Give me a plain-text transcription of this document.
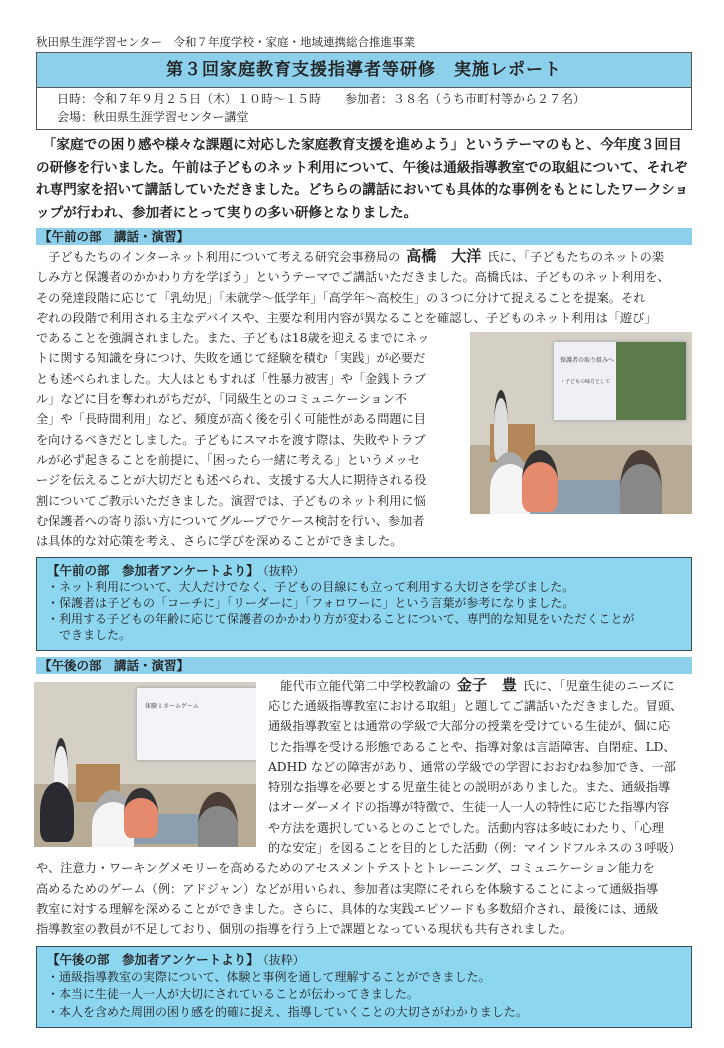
秋田県生涯学習センター　令和７年度学校・家庭・地域連携総合推進事業
第３回家庭教育支援指導者等研修　実施レポート
日時：令和７年９月２５日（木）１０時～１５時 参加者：３８名（うち市町村等から２７名）
会場：秋田県生涯学習センター講堂
　「家庭での困り感や様々な課題に対応した家庭教育支援を進めよう」というテーマのもと、今年度３回目の研修を行いました。午前は子どものネット利用について、午後は通級指導教室での取組について、それぞれ専門家を招いて講話していただきました。どちらの講話においても具体的な事例をもとにしたワークショップが行われ、参加者にとって実りの多い研修となりました。
【午前の部　講話・演習】
　子どもたちのインターネット利用について考える研究会事務局の 高橋　大洋 氏に、「子どもたちのネットの楽
しみ方と保護者のかかわり方を学ぼう」というテーマでご講話いただきました。高橋氏は、子どものネット利用を、
その発達段階に応じて「乳幼児」「未就学～低学年」「高学年～高校生」の３つに分けて捉えることを提案。それ
ぞれの段階で利用される主なデバイスや、主要な利用内容が異なることを確認し、子どものネット利用は「遊び」
保護者の取り組みへ
・子どもの味方として
であることを強調されました。また、子どもは18歳を迎えるまでにネッ
トに関する知識を身につけ、失敗を通じて経験を積む「実践」が必要だ
とも述べられました。大人はともすれば「性暴力被害」や「金銭トラブ
ル」などに目を奪われがちだが、「同級生とのコミュニケーション不
全」や「長時間利用」など、頻度が高く後を引く可能性がある問題に目
を向けるべきだとしました。子どもにスマホを渡す際は、失敗やトラブ
ルが必ず起きることを前提に、「困ったら一緒に考える」というメッセ
ージを伝えることが大切だとも述べられ、支援する大人に期待される役
割についてご教示いただきました。演習では、子どものネット利用に悩
む保護者への寄り添い方についてグループでケース検討を行い、参加者
は具体的な対応策を考え、さらに学びを深めることができました。
【午前の部　参加者アンケートより】 （抜粋）
・ネット利用について、大人だけでなく、子どもの目線にも立って利用する大切さを学びました。
・保護者は子どもの「コーチに」「リーダーに」「フォロワーに」という言葉が参考になりました。
・利用する子どもの年齢に応じて保護者のかかわり方が変わることについて、専門的な知見をいただくことが
できました。
【午後の部　講話・演習】
体験１ネームゲーム
　能代市立能代第二中学校教諭の 金子　豊 氏に、「児童生徒のニーズに
応じた通級指導教室における取組」と題してご講話いただきました。冒頭、
通級指導教室とは通常の学級で大部分の授業を受けている生徒が、個に応
じた指導を受ける形態であることや、指導対象は言語障害、自閉症、LD、
ADHD などの障害があり、通常の学級での学習におおむね参加でき、一部
特別な指導を必要とする児童生徒との説明がありました。また、通級指導
はオーダーメイドの指導が特徴で、生徒一人一人の特性に応じた指導内容
や方法を選択しているとのことでした。活動内容は多岐にわたり、「心理
的な安定」を図ることを目的とした活動（例：マインドフルネスの３呼吸）
や、注意力・ワーキングメモリーを高めるためのアセスメントテストとトレーニング、コミュニケーション能力を
高めるためのゲーム（例：アドジャン）などが用いられ、参加者は実際にそれらを体験することによって通級指導
教室に対する理解を深めることができました。さらに、具体的な実践エピソードも多数紹介され、最後には、通級
指導教室の教員が不足しており、個別の指導を行う上で課題となっている現状も共有されました。
【午後の部　参加者アンケートより】 （抜粋）
・通級指導教室の実際について、体験と事例を通して理解することができました。
・本当に生徒一人一人が大切にされていることが伝わってきました。
・本人を含めた周囲の困り感を的確に捉え、指導していくことの大切さがわかりました。
